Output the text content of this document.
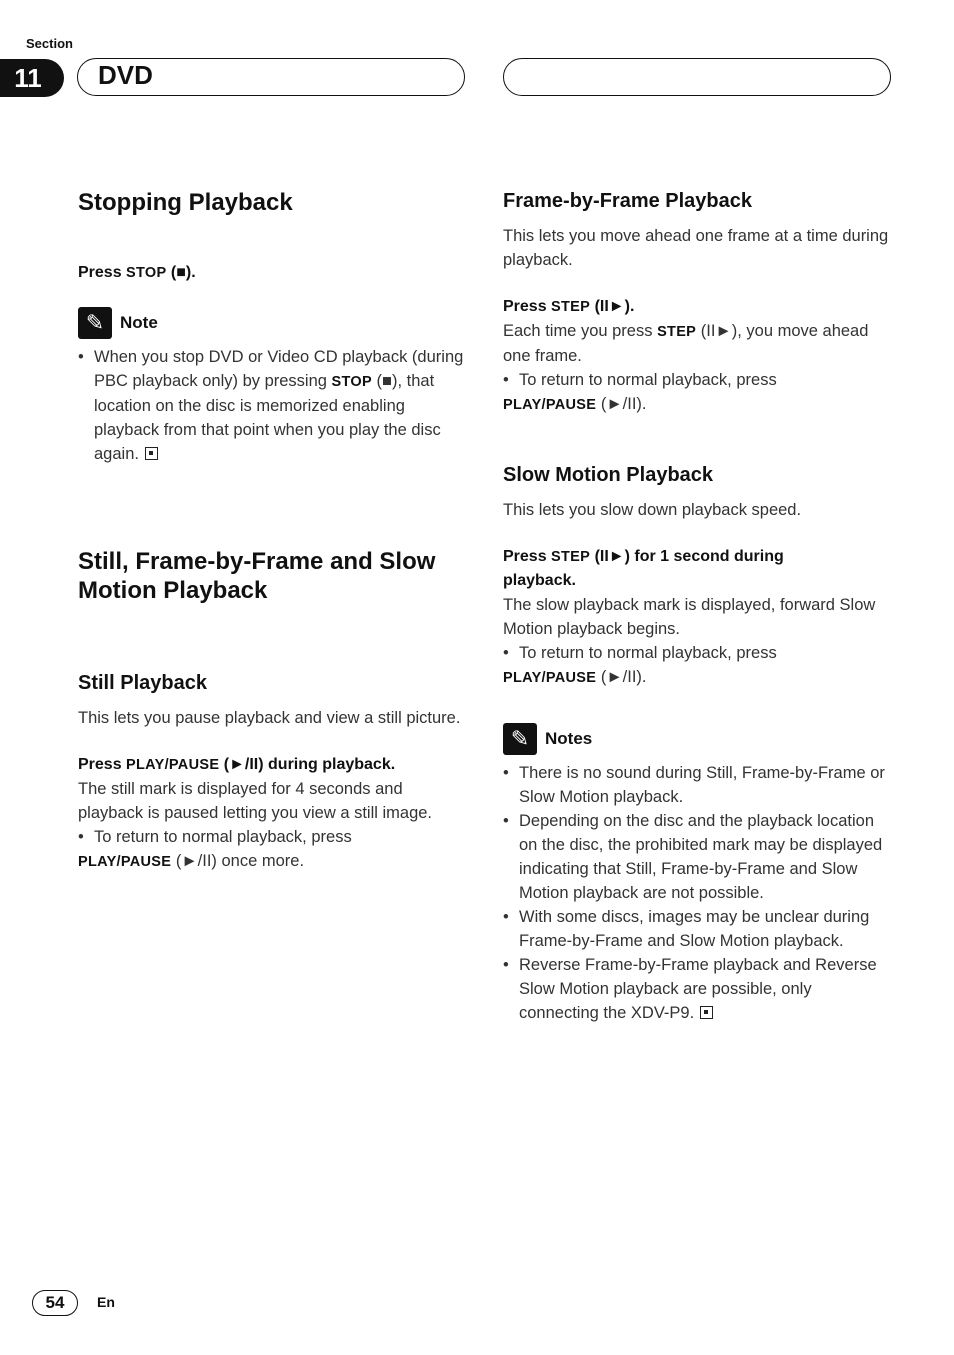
Section
11	DVD
Stopping Playback
Press STOP (■).
✎ Note
• When you stop DVD or Video CD playback (during PBC playback only) by pressing STOP (■), that location on the disc is memorized enabling playback from that point when you play the disc again.
Still, Frame-by-Frame and Slow Motion Playback
Still Playback

This lets you pause playback and view a still picture.

Press PLAY/PAUSE (►/II) during playback.

The still mark is displayed for 4 seconds and playback is paused letting you view a still image.

• To return to normal playback, press

PLAY/PAUSE (►/II) once more.

Frame-by-Frame Playback

This lets you move ahead one frame at a time during playback.

Press STEP (II►).

Each time you press STEP (II►), you move ahead one frame.

• To return to normal playback, press

PLAY/PAUSE (►/II).

Slow Motion Playback

This lets you slow down playback speed.

Press STEP (II►) for 1 second during playback.

The slow playback mark is displayed, forward Slow Motion playback begins.

• To return to normal playback, press

PLAY/PAUSE (►/II).

✎ Notes
• There is no sound during Still, Frame-by-Frame or Slow Motion playback.
• Depending on the disc and the playback location on the disc, the prohibited mark may be displayed indicating that Still, Frame-by-Frame and Slow Motion playback are not possible.
• With some discs, images may be unclear during Frame-by-Frame and Slow Motion playback.
• Reverse Frame-by-Frame playback and Reverse Slow Motion playback are possible, only connecting the XDV-P9.
54	En
